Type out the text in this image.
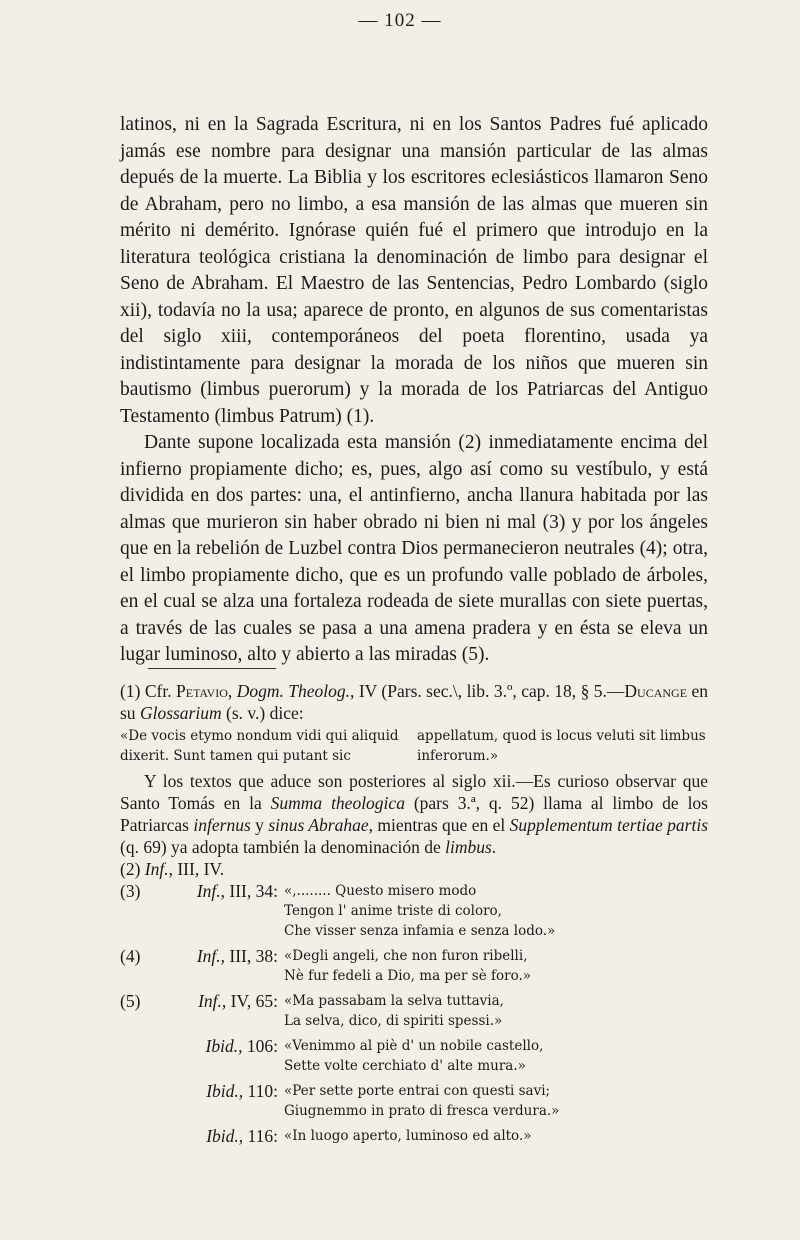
— 102 —

latinos, ni en la Sagrada Escritura, ni en los Santos Padres fué aplicado jamás ese nombre para designar una mansión particular de las almas depués de la muerte. La Biblia y los escritores eclesiásticos llamaron Seno de Abraham, pero no limbo, a esa mansión de las almas que mueren sin mérito ni demérito. Ignórase quién fué el primero que introdujo en la literatura teológica cristiana la denominación de limbo para designar el Seno de Abraham. El Maestro de las Sentencias, Pedro Lombardo (siglo xii), todavía no la usa; aparece de pronto, en algunos de sus comentaristas del siglo xiii, contemporáneos del poeta florentino, usada ya indistintamente para designar la morada de los niños que mueren sin bautismo (limbus puerorum) y la morada de los Patriarcas del Antiguo Testamento (limbus Patrum) (1).

Dante supone localizada esta mansión (2) inmediatamente encima del infierno propiamente dicho; es, pues, algo así como su vestíbulo, y está dividida en dos partes: una, el antinfierno, ancha llanura habitada por las almas que murieron sin haber obrado ni bien ni mal (3) y por los ángeles que en la rebelión de Luzbel contra Dios permanecieron neutrales (4); otra, el limbo propiamente dicho, que es un profundo valle poblado de árboles, en el cual se alza una fortaleza rodeada de siete murallas con siete puertas, a través de las cuales se pasa a una amena pradera y en ésta se eleva un lugar luminoso, alto y abierto a las miradas (5).

(1) Cfr. Petavio, Dogm. Theolog., IV (Pars. sec.\, lib. 3.º, cap. 18, § 5.—Ducange en su Glossarium (s. v.) dice:

«De vocis etymo nondum vidi qui aliquid dixerit. Sunt tamen qui putant sic appellatum, quod is locus veluti sit limbus inferorum.»

Y los textos que aduce son posteriores al siglo xii.—Es curioso observar que Santo Tomás en la Summa theologica (pars 3.ª, q. 52) llama al limbo de los Patriarcas infernus y sinus Abrahae, mientras que en el Supplementum tertiae partis (q. 69) ya adopta también la denominación de limbus.

(2) Inf., III, IV.

(3)	Inf., III, 34: «,........ Questo misero modo
Tengon l' anime triste di coloro,
Che visser senza infamia e senza lodo.»
(4)	Inf., III, 38: «Degli angeli, che non furon ribelli,
Nè fur fedeli a Dio, ma per sè foro.»
(5)	Inf., IV, 65: «Ma passabam la selva tuttavia,
La selva, dico, di spiriti spessi.»
Ibid., 106: «Venimmo al piè d' un nobile castello,
Sette volte cerchiato d' alte mura.»
Ibid., 110: «Per sette porte entrai con questi savi;
Giugnemmo in prato di fresca verdura.»
Ibid., 116: «In luogo aperto, luminoso ed alto.»
